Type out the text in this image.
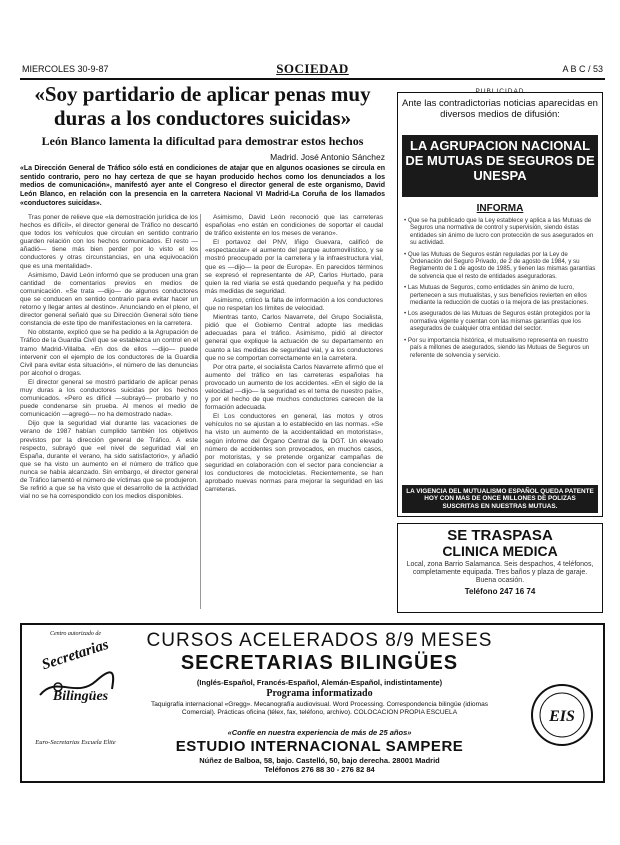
MIERCOLES 30-9-87	SOCIEDAD	A B C / 53
«Soy partidario de aplicar penas muy duras a los conductores suicidas»
León Blanco lamenta la dificultad para demostrar estos hechos
Madrid. José Antonio Sánchez

«La Dirección General de Tráfico sólo está en condiciones de atajar que en algunos ocasiones se circula en sentido contrario, pero no hay certeza de que se hayan producido hechos como los denunciados a los medios de comunicación», manifestó ayer ante el Congreso el director general de este organismo, David León Blanco, en relación con la presencia en la carretera Nacional VI Madrid-La Coruña de los llamados «conductores suicidas».

Tras poner de relieve que «la demostración jurídica de los hechos es difícil», el director general de Tráfico no descartó que todos los vehículos que circulan en sentido contrario guarden relación con los hechos comunicados. El resto —añadió— tiene más bien perder por lo visto el los conductores y otras circunstancias, en una equivocación que es una mentalidad».

Asimismo, David León informó que se producen una gran cantidad de comentarios previos en medios de comunicación. «Se trata —dijo— de algunos conductores que se conducen en sentido contrario para evitar hacer un retorno y llegar antes al destino». Anunciando en el pleno, el director general señaló que su Dirección General sólo tiene constancia de este tipo de manifestaciones en la carretera.

No obstante, explicó que se ha pedido a la Agrupación de Tráfico de la Guardia Civil que se establezca un control en el tramo Madrid-Villalba. «En dos de ellos —dijo— puede intervenir con el ejemplo de los conductores de la Guardia Civil para evitar esta situación», el número de las denuncias por alcohol o drogas.

El director general se mostró partidario de aplicar penas muy duras a los conductores suicidas por los hechos comunicados. «Pero es difícil —subrayó— probarlo y no puede condenarse sin prueba. Al menos el medio de comunicación —agregó— no ha demostrado nada».

Dijo que la seguridad vial durante las vacaciones de verano de 1987 habían cumplido también los objetivos previstos por la dirección general de Tráfico. A este respecto, subrayó que «el nivel de seguridad vial en España, durante el verano, ha sido satisfactorio», y añadió que se ha visto un aumento en el número de tráfico que nunca se había alcanzado. Sin embargo, el director general de Tráfico lamentó el número de víctimas que se produjeron. Se refirió a que se ha visto que el desarrollo de la actividad vial no se ha correspondido con los medios disponibles.

Asimismo, David León reconoció que las carreteras españolas «no están en condiciones de soportar el caudal de tráfico existente en los meses de verano».

El portavoz del PNV, Iñigo Guevara, calificó de «espectacular» el aumento del parque automovilístico, y se mostró preocupado por la carretera y la infraestructura vial, que es —dijo— la peor de Europa». En parecidos términos se expresó el representante de AP, Carlos Hurtado, para quien la red viaria se está quedando pequeña y ha pedido más medidas de seguridad.

Asimismo, criticó la falta de información a los conductores que no respetan los límites de velocidad.

Mientras tanto, Carlos Navarrete, del Grupo Socialista, pidió que el Gobierno Central adopte las medidas adecuadas para el tráfico. Asimismo, pidió al director general que explique la actuación de su departamento en cuanto a las medidas de seguridad vial, y a los conductores que no se comportan correctamente en la carretera.

Por otra parte, el socialista Carlos Navarrete afirmó que el aumento del tráfico en las carreteras españolas ha provocado un aumento de los accidentes. «En el siglo de la velocidad —dijo— la seguridad es el tema de nuestro país», y por el hecho de que muchos conductores carecen de la formación adecuada.

El Los conductores en general, las motos y otros vehículos no se ajustan a lo establecido en las normas. «Se ha visto un aumento de la accidentalidad en motoristas», según informe del Órgano Central de la DGT. Un elevado número de accidentes son provocados, en muchos casos, por motoristas, y se pretende organizar campañas de seguridad en colaboración con el sector para concienciar a los conductores de motocicletas. Recientemente, se han aprobado nuevas normas para mejorar la seguridad en las carreteras.

PUBLICIDAD
Ante las contradictorias noticias aparecidas en diversos medios de difusión:
LA AGRUPACION NACIONAL DE MUTUAS DE SEGUROS DE UNESPA
INFORMA

• Que se ha publicado que la Ley establece y aplica a las Mutuas de Seguros una normativa de control y supervisión, siendo éstas entidades sin ánimo de lucro con protección de sus asegurados en su actividad.

• Que las Mutuas de Seguros están reguladas por la Ley de Ordenación del Seguro Privado, de 2 de agosto de 1984, y su Reglamento de 1 de agosto de 1985, y tienen las mismas garantías de solvencia que el resto de entidades aseguradoras.

• Las Mutuas de Seguros, como entidades sin ánimo de lucro, pertenecen a sus mutualistas, y sus beneficios revierten en ellos mediante la reducción de cuotas o la mejora de las prestaciones.

• Los asegurados de las Mutuas de Seguros están protegidos por la normativa vigente y cuentan con las mismas garantías que los asegurados de cualquier otra entidad del sector.

• Por su importancia histórica, el mutualismo representa en nuestro país a millones de asegurados, siendo las Mutuas de Seguros un referente de solvencia y servicio.

LA VIGENCIA DEL MUTUALISMO ESPAÑOL QUEDA PATENTE HOY CON MAS DE ONCE MILLONES DE POLIZAS SUSCRITAS EN NUESTRAS MUTUAS.
SE TRASPASA
CLINICA MEDICA
Local, zona Barrio Salamanca. Seis despachos, 4 teléfonos, completamente equipada. Tres baños y plaza de garaje. Buena ocasión.
Teléfono 247 16 74
Centro autorizado de
Secretarias
Bilingües
Euro-Secretarias Escuela Elite
CURSOS ACELERADOS 8/9 MESES
SECRETARIAS BILINGÜES
(Inglés-Español, Francés-Español, Alemán-Español, indistintamente)
Programa informatizado
Taquigrafía internacional «Gregg». Mecanografía audiovisual. Word Processing. Correspondencia bilingüe (idiomas Comercial). Prácticas oficina (télex, fax, teléfono, archivo). COLOCACION PROPIA ESCUELA
«Confíe en nuestra experiencia de más de 25 años»
ESTUDIO INTERNACIONAL SAMPERE
Núñez de Balboa, 58, bajo. Castelló, 50, bajo derecha. 28001 Madrid
Teléfonos 276 88 30 - 276 82 84
EIS
